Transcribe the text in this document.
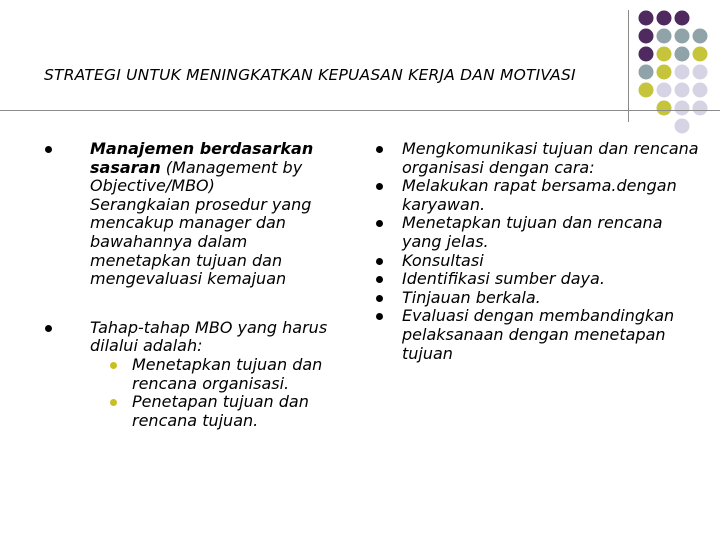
STRATEGI UNTUK MENINGKATKAN KEPUASAN KERJA DAN MOTIVASI
Manajemen berdasarkan sasaran (Management by Objective/MBO)
Serangkaian prosedur yang mencakup manager dan bawahannya dalam menetapkan tujuan dan mengevaluasi kemajuan
Tahap-tahap MBO yang harus dilalui adalah:
Menetapkan tujuan dan rencana organisasi.
Penetapan tujuan dan rencana tujuan.
Mengkomunikasi tujuan dan rencana organisasi dengan cara:
Melakukan rapat bersama.dengan karyawan.
Menetapkan tujuan dan rencana yang jelas.
Konsultasi
Identifikasi sumber daya.
Tinjauan berkala.
Evaluasi dengan membandingkan pelaksanaan dengan menetapan tujuan
